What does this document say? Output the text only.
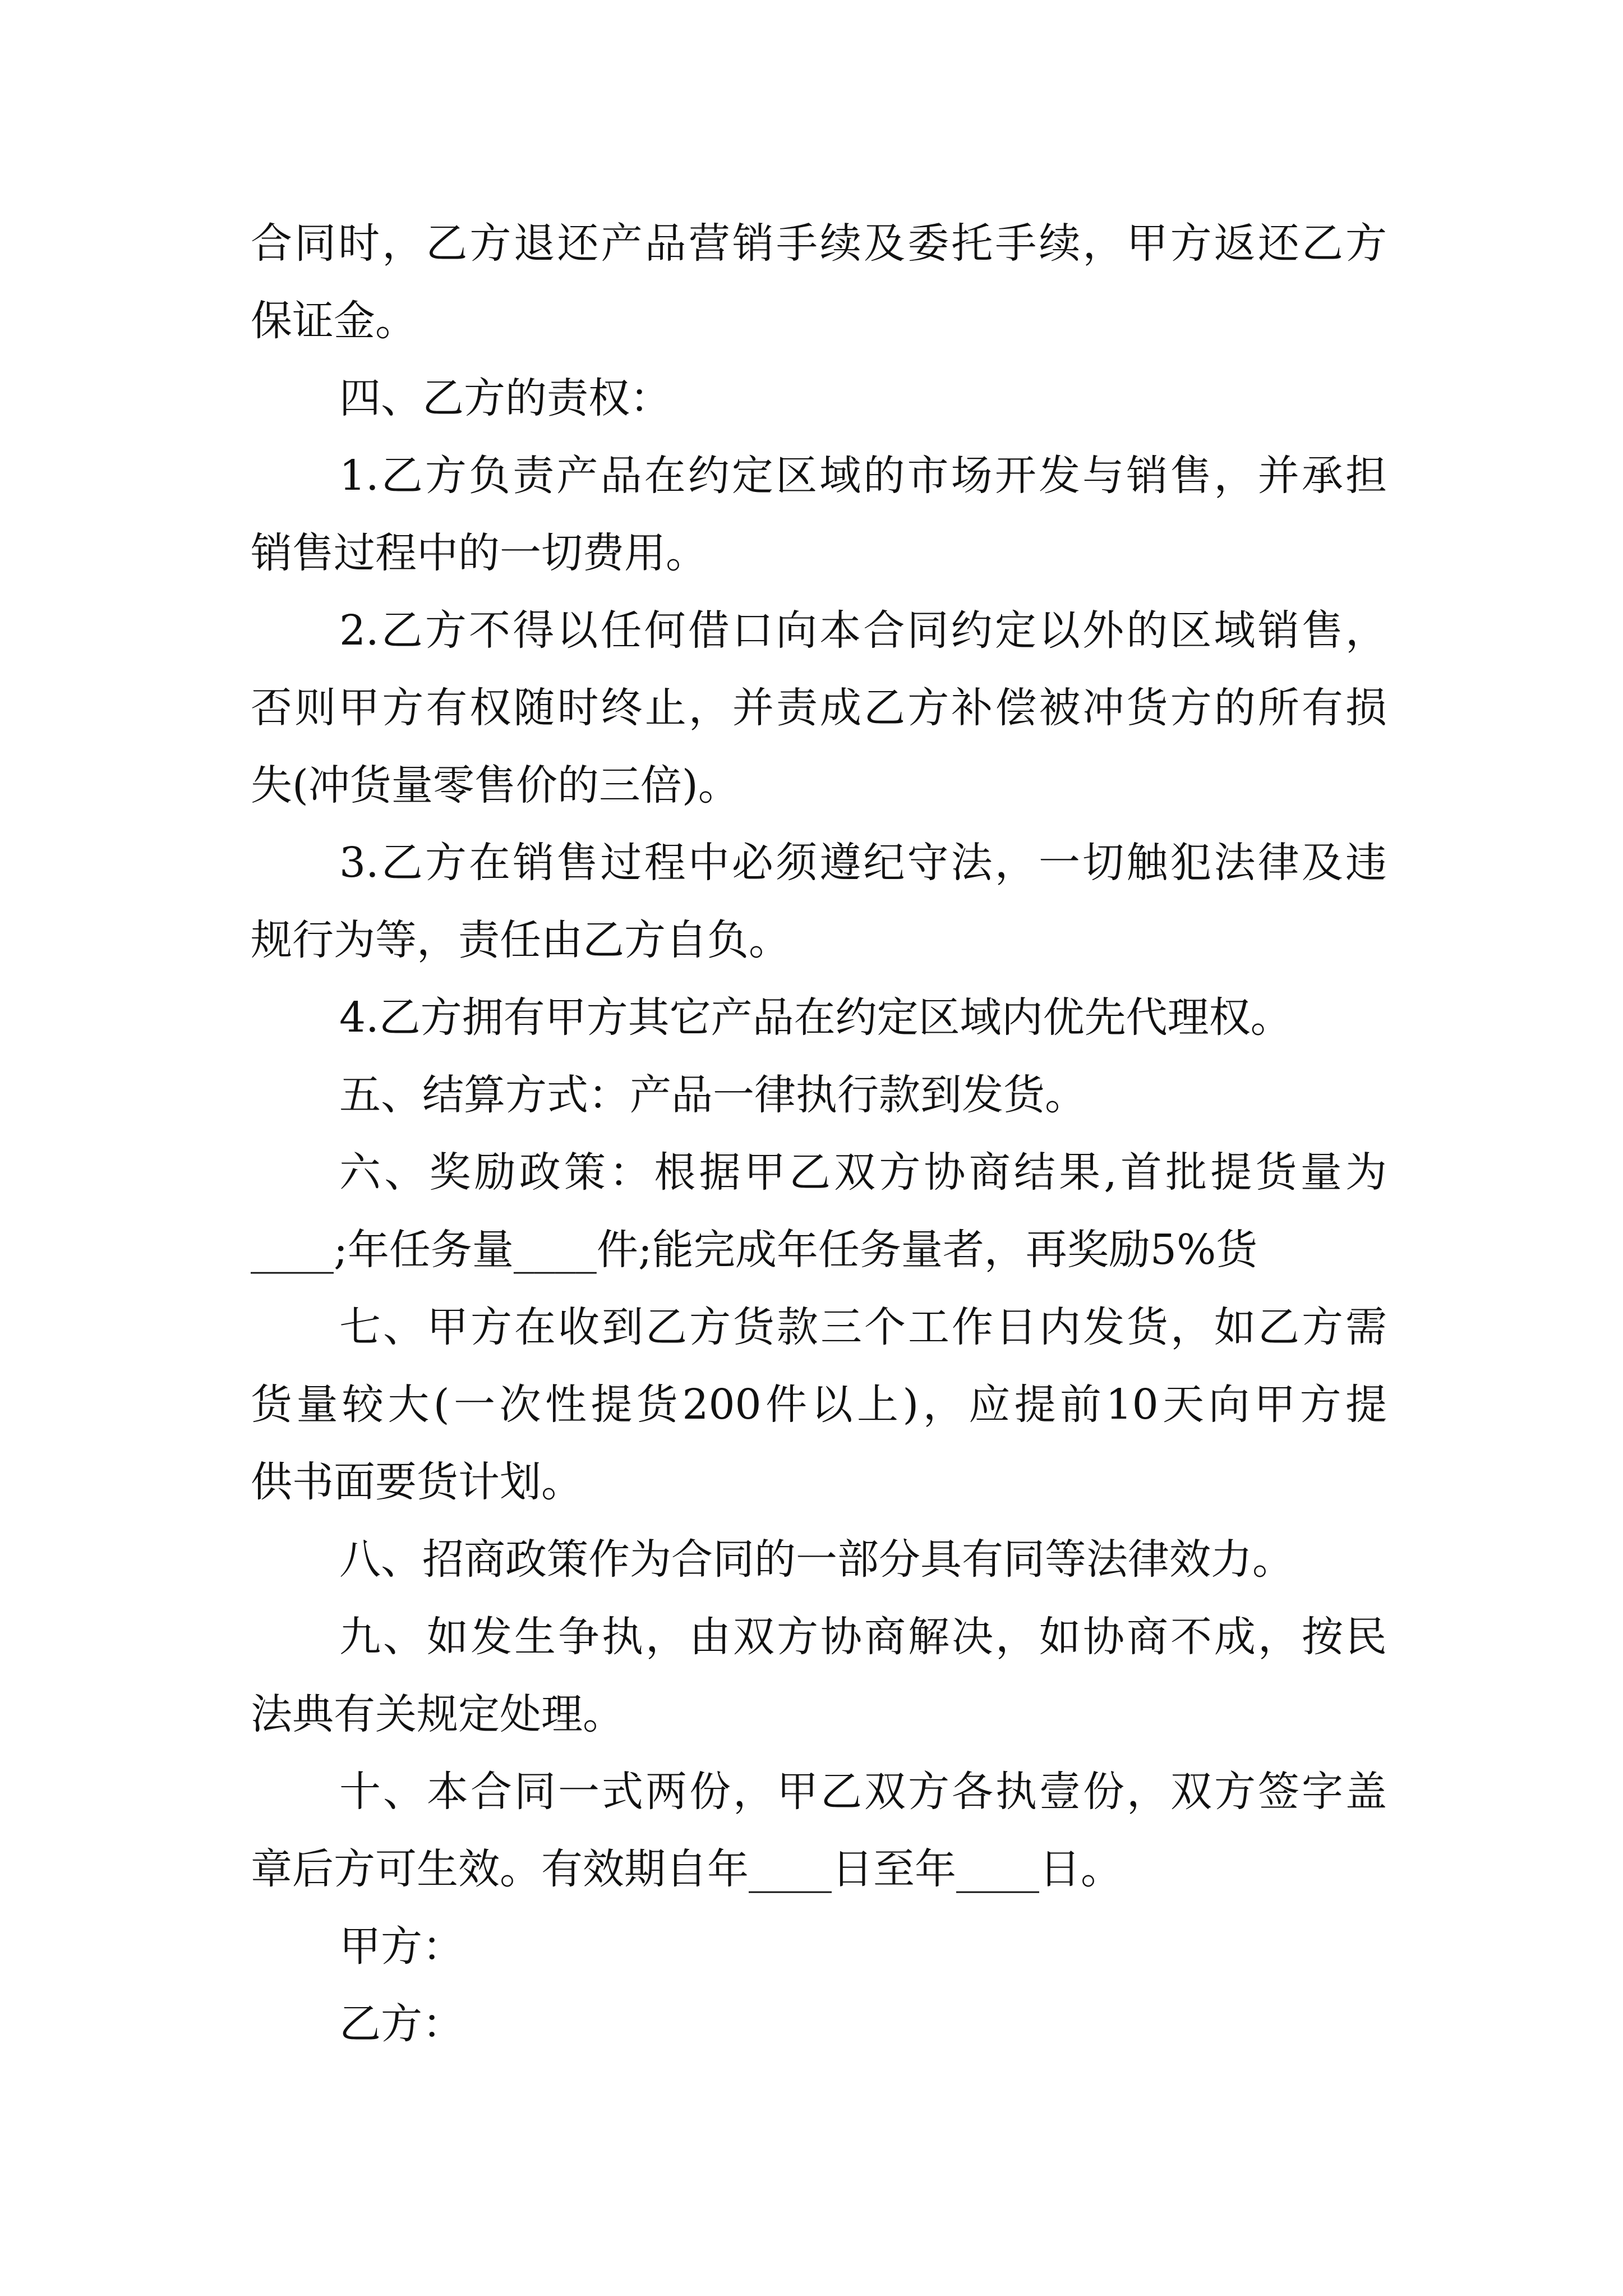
合同时，乙方退还产品营销手续及委托手续，甲方返还乙方
保证金。
四、乙方的责权：
1.乙方负责产品在约定区域的市场开发与销售，并承担
销售过程中的一切费用。
2.乙方不得以任何借口向本合同约定以外的区域销售，
否则甲方有权随时终止，并责成乙方补偿被冲货方的所有损
失(冲货量零售价的三倍)。
3.乙方在销售过程中必须遵纪守法，一切触犯法律及违
规行为等，责任由乙方自负。
4.乙方拥有甲方其它产品在约定区域内优先代理权。
五、结算方式：产品一律执行款到发货。
六、奖励政策：根据甲乙双方协商结果,首批提货量为
____;年任务量____件;能完成年任务量者，再奖励5%货
七、甲方在收到乙方货款三个工作日内发货，如乙方需
货量较大(一次性提货200件以上)，应提前10天向甲方提
供书面要货计划。
八、招商政策作为合同的一部分具有同等法律效力。
九、如发生争执，由双方协商解决，如协商不成，按民
法典有关规定处理。
十、本合同一式两份，甲乙双方各执壹份，双方签字盖
章后方可生效。有效期自年____日至年____日。
甲方：
乙方：
